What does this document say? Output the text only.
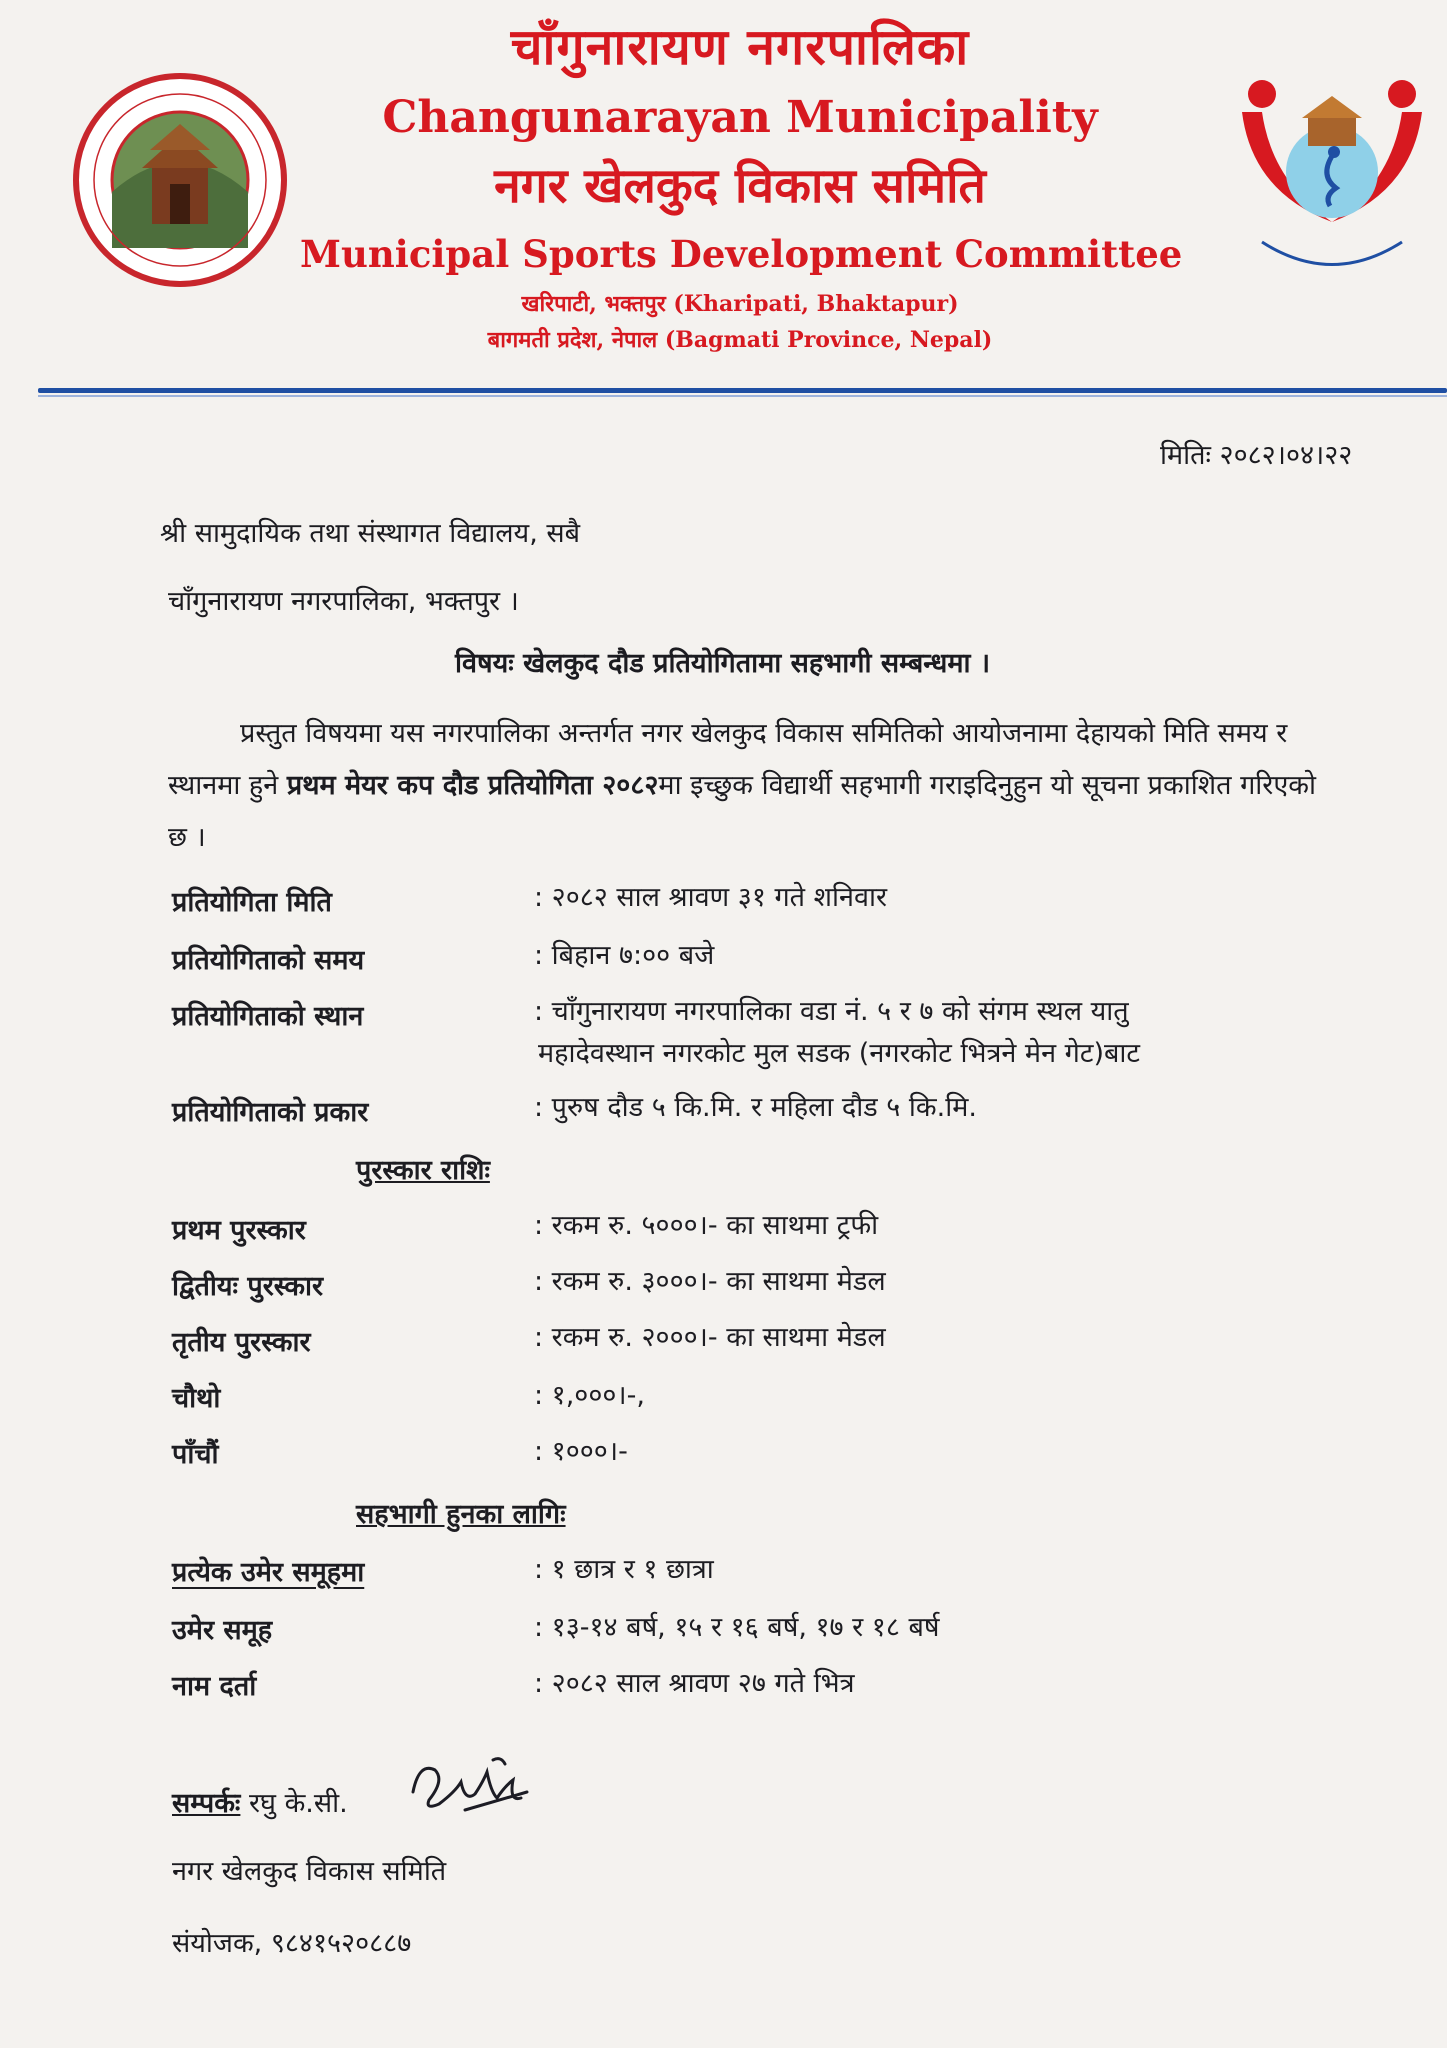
चाँगुनारायण नगरपालिका
Changunarayan Municipality
नगर खेलकुद विकास समिति
Municipal Sports Development Committee
खरिपाटी, भक्तपुर (Kharipati, Bhaktapur)
बागमती प्रदेश, नेपाल (Bagmati Province, Nepal)
मितिः २०८२।०४।२२
श्री सामुदायिक तथा संस्थागत विद्यालय, सबै
चाँगुनारायण नगरपालिका, भक्तपुर ।
विषयः खेलकुद दौड प्रतियोगितामा सहभागी सम्बन्धमा ।
प्रस्तुत विषयमा यस नगरपालिका अन्तर्गत नगर खेलकुद विकास समितिको आयोजनामा देहायको मिति समय र स्थानमा हुने प्रथम मेयर कप दौड प्रतियोगिता २०८२मा इच्छुक विद्यार्थी सहभागी गराइदिनुहुन यो सूचना प्रकाशित गरिएको छ ।
प्रतियोगिता मिति	: २०८२ साल श्रावण ३१ गते शनिवार
प्रतियोगिताको समय	: बिहान ७:०० बजे
प्रतियोगिताको स्थान	: चाँगुनारायण नगरपालिका वडा नं. ५ र ७ को संगम स्थल यातु
महादेवस्थान नगरकोट मुल सडक (नगरकोट भित्रने मेन गेट)बाट
प्रतियोगिताको प्रकार	: पुरुष दौड ५ कि.मि. र महिला दौड ५ कि.मि.
पुरस्कार राशिः
प्रथम पुरस्कार	: रकम रु. ५०००।- का साथमा ट्रफी
द्वितीयः पुरस्कार	: रकम रु. ३०००।- का साथमा मेडल
तृतीय पुरस्कार	: रकम रु. २०००।- का साथमा मेडल
चौथो	: १,०००।-,
पाँचौं	: १०००।-
सहभागी हुनका लागिः
प्रत्येक उमेर समूहमा	: १ छात्र र १ छात्रा
उमेर समूह	: १३-१४ बर्ष, १५ र १६ बर्ष, १७ र १८ बर्ष
नाम दर्ता	: २०८२ साल श्रावण २७ गते भित्र
सम्पर्कः रघु के.सी.
नगर खेलकुद विकास समिति
संयोजक, ९८४१५२०८८७
